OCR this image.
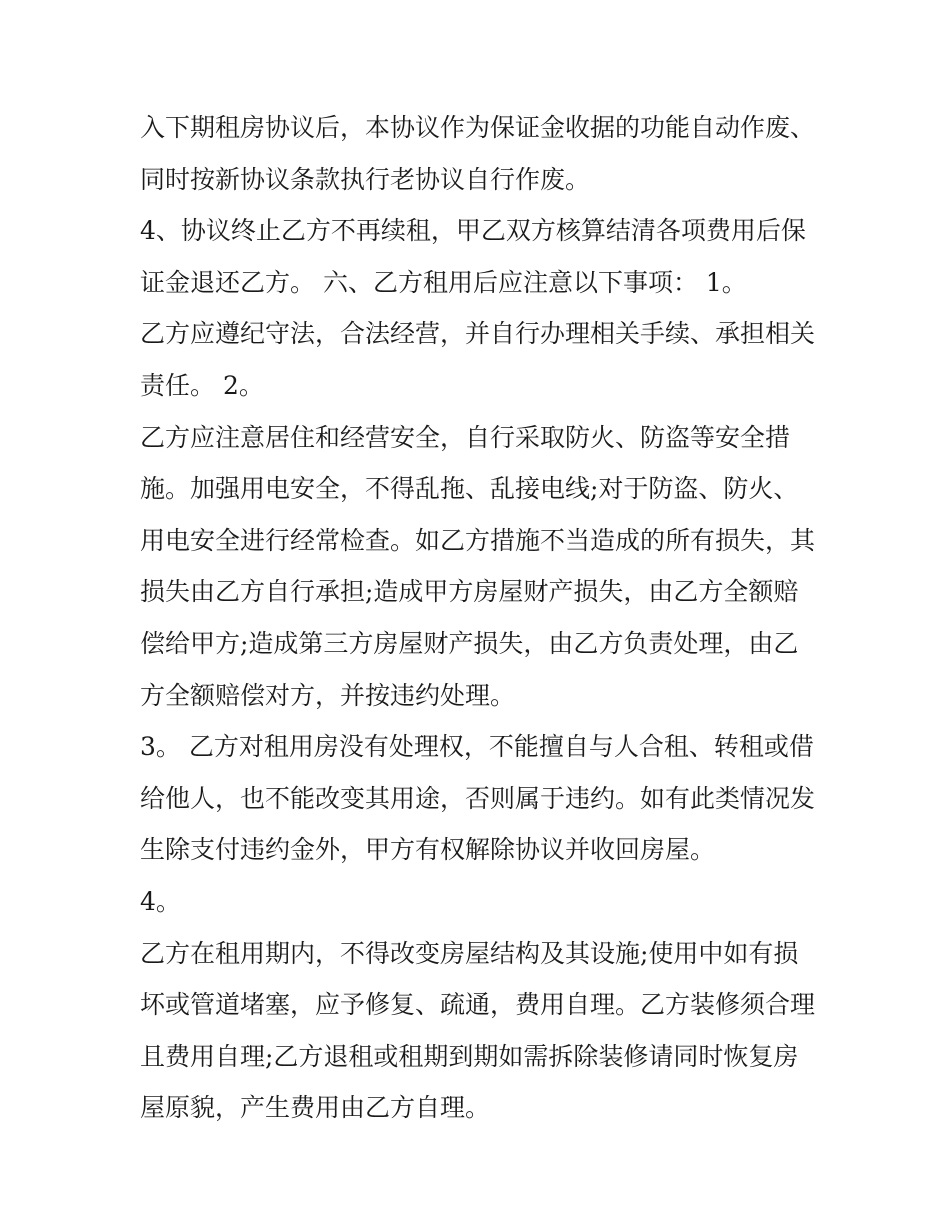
入下期租房协议后，本协议作为保证金收据的功能自动作废、
同时按新协议条款执行老协议自行作废。
4、协议终止乙方不再续租，甲乙双方核算结清各项费用后保
证金退还乙方。 六、乙方租用后应注意以下事项： 1。
乙方应遵纪守法，合法经营，并自行办理相关手续、承担相关
责任。 2。
乙方应注意居住和经营安全，自行采取防火、防盗等安全措
施。加强用电安全，不得乱拖、乱接电线;对于防盗、防火、
用电安全进行经常检查。如乙方措施不当造成的所有损失，其
损失由乙方自行承担;造成甲方房屋财产损失，由乙方全额赔
偿给甲方;造成第三方房屋财产损失，由乙方负责处理，由乙
方全额赔偿对方，并按违约处理。
3。 乙方对租用房没有处理权，不能擅自与人合租、转租或借
给他人，也不能改变其用途，否则属于违约。如有此类情况发
生除支付违约金外，甲方有权解除协议并收回房屋。
4。
乙方在租用期内，不得改变房屋结构及其设施;使用中如有损
坏或管道堵塞，应予修复、疏通，费用自理。乙方装修须合理
且费用自理;乙方退租或租期到期如需拆除装修请同时恢复房
屋原貌，产生费用由乙方自理。
